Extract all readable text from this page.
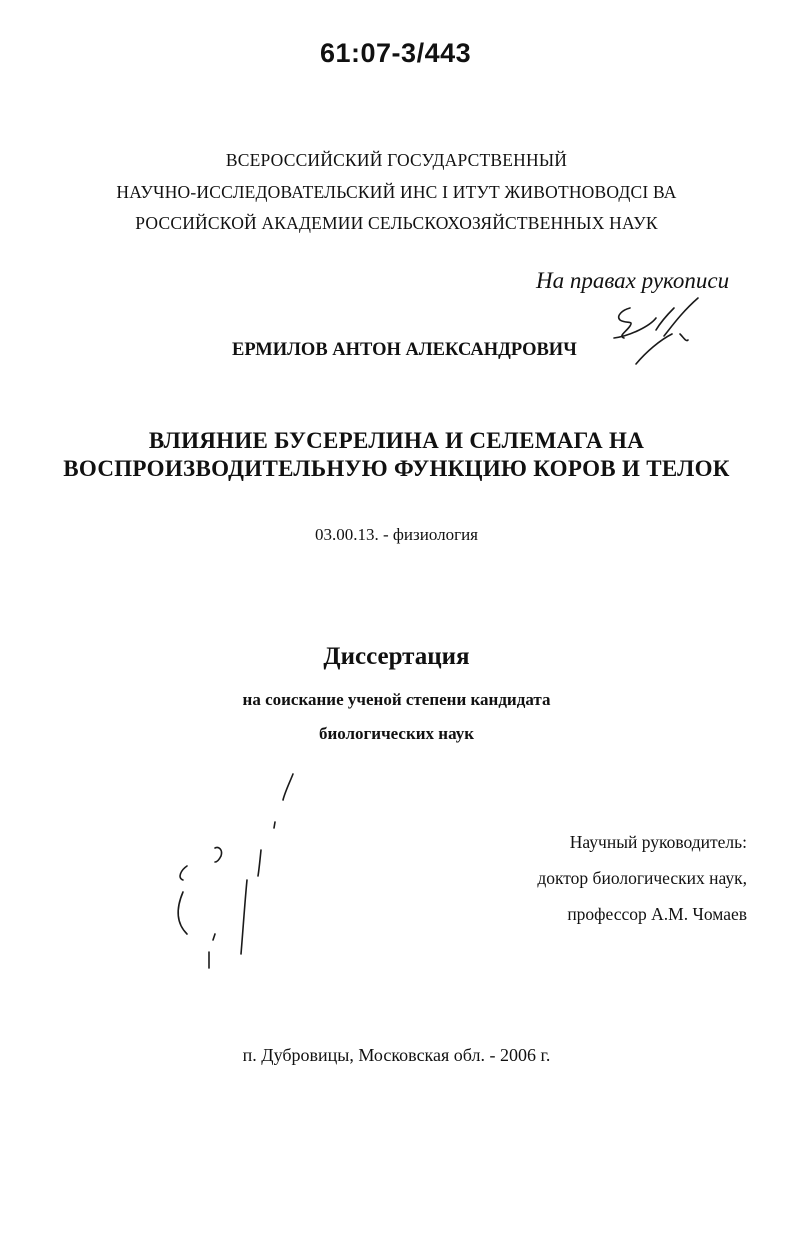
61:07-3/443
ВСЕРОССИЙСКИЙ ГОСУДАРСТВЕННЫЙ
НАУЧНО-ИССЛЕДОВАТЕЛЬСКИЙ ИНС І ИТУТ ЖИВОТНОВОДСІ ВА
РОССИЙСКОЙ АКАДЕМИИ СЕЛЬСКОХОЗЯЙСТВЕННЫХ НАУК
На правах рукописи
ЕРМИЛОВ АНТОН АЛЕКСАНДРОВИЧ
ВЛИЯНИЕ БУСЕРЕЛИНА И СЕЛЕМАГА НА
ВОСПРОИЗВОДИТЕЛЬНУЮ ФУНКЦИЮ КОРОВ И ТЕЛОК
03.00.13. - физиология
Диссертация
на соискание ученой степени кандидата
биологических наук
Научный руководитель:
доктор биологических наук,
профессор А.М. Чомаев
п. Дубровицы, Московская обл. - 2006 г.
